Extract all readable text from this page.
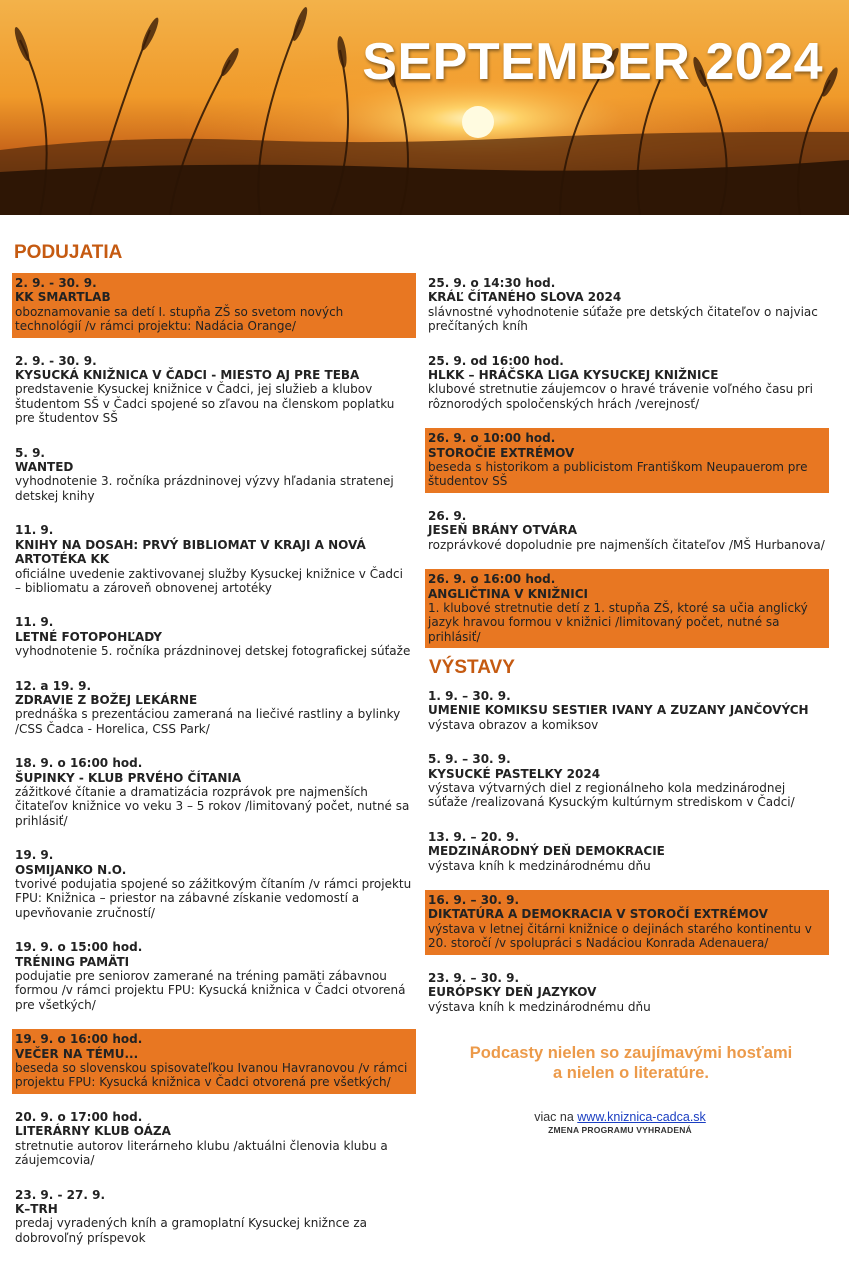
SEPTEMBER 2024
PODUJATIA
VÝSTAVY
2. 9. - 30. 9.
KK SMARTLAB
oboznamovanie sa detí I. stupňa ZŠ so svetom nových technológií /v rámci projektu: Nadácia Orange/
2. 9. - 30. 9.
KYSUCKÁ KNIŽNICA V ČADCI - MIESTO AJ PRE TEBA
predstavenie Kysuckej knižnice v Čadci, jej služieb a klubov študentom SŠ v Čadci spojené so zľavou na členskom poplatku pre študentov SŠ
5. 9.
WANTED
vyhodnotenie 3. ročníka prázdninovej výzvy hľadania stratenej detskej knihy
11. 9.
KNIHY NA DOSAH: PRVÝ BIBLIOMAT V KRAJI A NOVÁ ARTOTÉKA KK
oficiálne uvedenie zaktivovanej služby Kysuckej knižnice v Čadci – bibliomatu a zároveň obnovenej artotéky
11. 9.
LETNÉ FOTOPOHĽADY
vyhodnotenie 5. ročníka prázdninovej detskej fotografickej súťaže
12. a 19. 9.
ZDRAVIE Z BOŽEJ LEKÁRNE
prednáška s prezentáciou zameraná na liečivé rastliny a bylinky /CSS Čadca - Horelica, CSS Park/
18. 9. o 16:00 hod.
ŠUPINKY - KLUB PRVÉHO ČÍTANIA
zážitkové čítanie a dramatizácia rozprávok pre najmenších čitateľov knižnice vo veku 3 – 5 rokov /limitovaný počet, nutné sa prihlásiť/
19. 9.
OSMIJANKO N.O.
tvorivé podujatia spojené so zážitkovým čítaním /v rámci projektu FPU: Knižnica – priestor na zábavné získanie vedomostí a upevňovanie zručností/
19. 9. o 15:00 hod.
TRÉNING PAMÄTI
podujatie pre seniorov zamerané na tréning pamäti zábavnou formou /v rámci projektu FPU: Kysucká knižnica v Čadci otvorená pre všetkých/
19. 9. o 16:00 hod.
VEČER NA TÉMU...
beseda so slovenskou spisovateľkou Ivanou Havranovou /v rámci projektu FPU: Kysucká knižnica v Čadci otvorená pre všetkých/
20. 9. o 17:00 hod.
LITERÁRNY KLUB OÁZA
stretnutie autorov literárneho klubu /aktuálni členovia klubu a záujemcovia/
23. 9. - 27. 9.
K–TRH
predaj vyradených kníh a gramoplatní Kysuckej knižnce za dobrovoľný príspevok
25. 9. o 14:30 hod.
KRÁĽ ČÍTANÉHO SLOVA 2024
slávnostné vyhodnotenie súťaže pre detských čitateľov o najviac prečítaných kníh
25. 9. od 16:00 hod.
HLKK – HRÁČSKA LIGA KYSUCKEJ KNIŽNICE
klubové stretnutie záujemcov o hravé trávenie voľného času pri rôznorodých spoločenských hrách /verejnosť/
26. 9. o 10:00 hod.
STOROČIE EXTRÉMOV
beseda s historikom a publicistom Františkom Neupauerom pre študentov SŠ
26. 9.
JESEŇ BRÁNY OTVÁRA
rozprávkové dopoludnie pre najmenších čitateľov /MŠ Hurbanova/
26. 9. o 16:00 hod.
ANGLIČTINA V KNIŽNICI
1. klubové stretnutie detí z 1. stupňa ZŠ, ktoré sa učia anglický jazyk hravou formou v knižnici /limitovaný počet, nutné sa prihlásiť/
1. 9. – 30. 9.
UMENIE KOMIKSU SESTIER IVANY A ZUZANY JANČOVÝCH
výstava obrazov a komiksov
5. 9. – 30. 9.
KYSUCKÉ PASTELKY 2024
výstava výtvarných diel z regionálneho kola medzinárodnej súťaže /realizovaná Kysuckým kultúrnym strediskom v Čadci/
13. 9. – 20. 9.
MEDZINÁRODNÝ DEŇ DEMOKRACIE
výstava kníh k medzinárodnému dňu
16. 9. – 30. 9.
DIKTATÚRA A DEMOKRACIA V STOROČÍ EXTRÉMOV
výstava v letnej čitárni knižnice o dejinách starého kontinentu v 20. storočí /v spolupráci s Nadáciou Konrada Adenauera/
23. 9. – 30. 9.
EURÓPSKY DEŇ JAZYKOV
výstava kníh k medzinárodnému dňu
Podcasty nielen so zaujímavými hosťami
a nielen o literatúre.
viac na www.kniznica-cadca.sk
ZMENA PROGRAMU VYHRADENÁ
